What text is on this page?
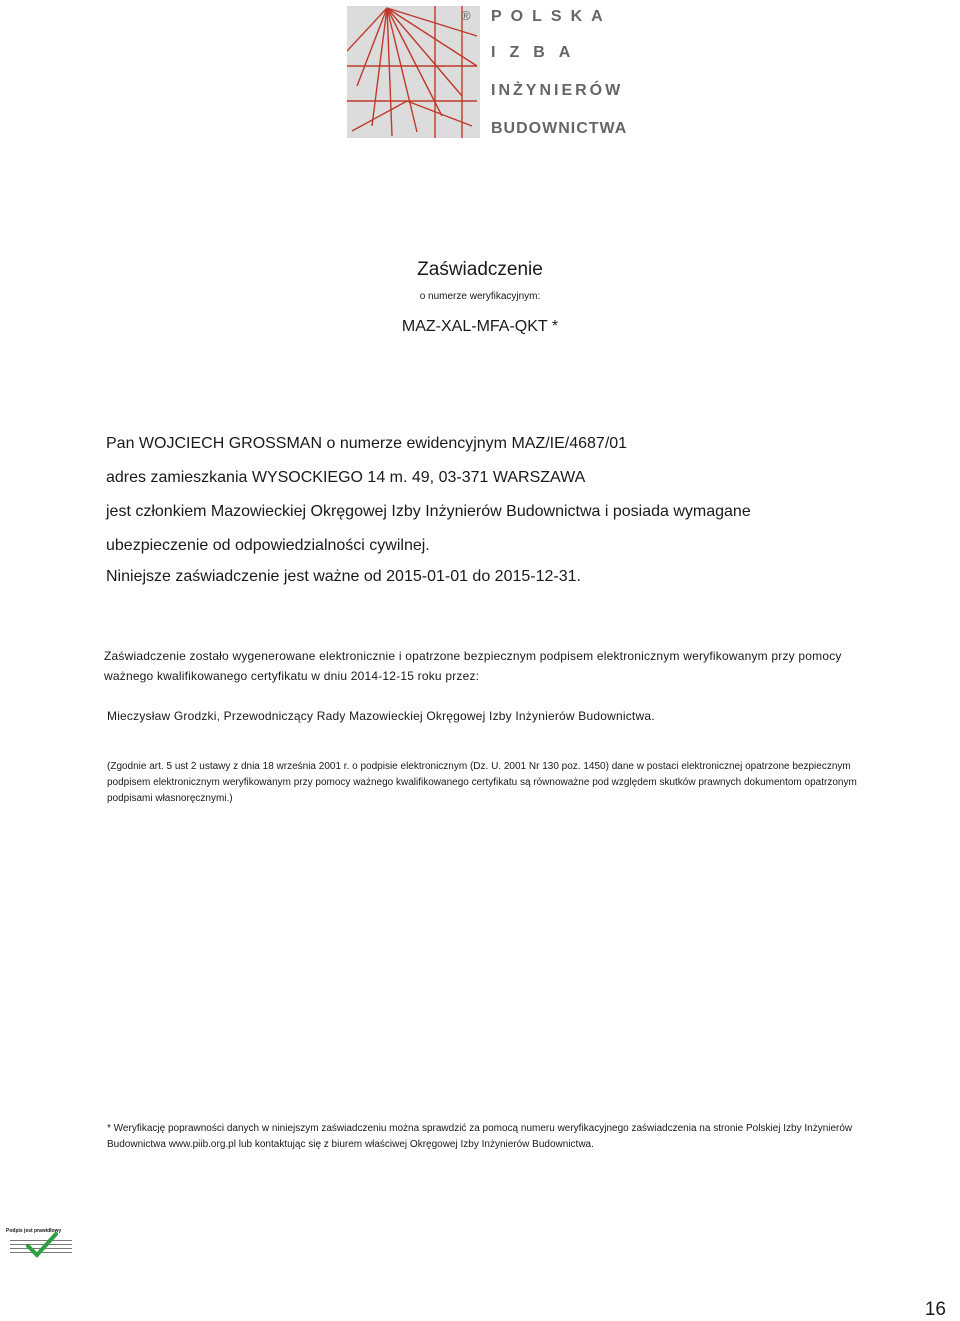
® POLSKA
IZBA
INŻYNIERÓW
BUDOWNICTWA
Zaświadczenie
o numerze weryfikacyjnym:
MAZ-XAL-MFA-QKT *
Pan WOJCIECH GROSSMAN o numerze ewidencyjnym MAZ/IE/4687/01
adres zamieszkania WYSOCKIEGO 14 m. 49, 03-371 WARSZAWA
jest członkiem Mazowieckiej Okręgowej Izby Inżynierów Budownictwa i posiada wymagane
ubezpieczenie od odpowiedzialności cywilnej.
Niniejsze zaświadczenie jest ważne od 2015-01-01 do 2015-12-31.
Zaświadczenie zostało wygenerowane elektronicznie i opatrzone bezpiecznym podpisem elektronicznym weryfikowanym przy pomocy ważnego kwalifikowanego certyfikatu w dniu 2014-12-15 roku przez:
Mieczysław Grodzki, Przewodniczący Rady Mazowieckiej Okręgowej Izby Inżynierów Budownictwa.
(Zgodnie art. 5 ust 2 ustawy z dnia 18 września 2001 r. o podpisie elektronicznym (Dz. U. 2001 Nr 130 poz. 1450) dane w postaci elektronicznej opatrzone bezpiecznym podpisem elektronicznym weryfikowanym przy pomocy ważnego kwalifikowanego certyfikatu są równoważne pod względem skutków prawnych dokumentom opatrzonym podpisami własnoręcznymi.)
* Weryfikację poprawności danych w niniejszym zaświadczeniu można sprawdzić za pomocą numeru weryfikacyjnego zaświadczenia na stronie Polskiej Izby Inżynierów Budownictwa www.piib.org.pl lub kontaktując się z biurem właściwej Okręgowej Izby Inżynierów Budownictwa.
Podpis jest prawidłowy
16
